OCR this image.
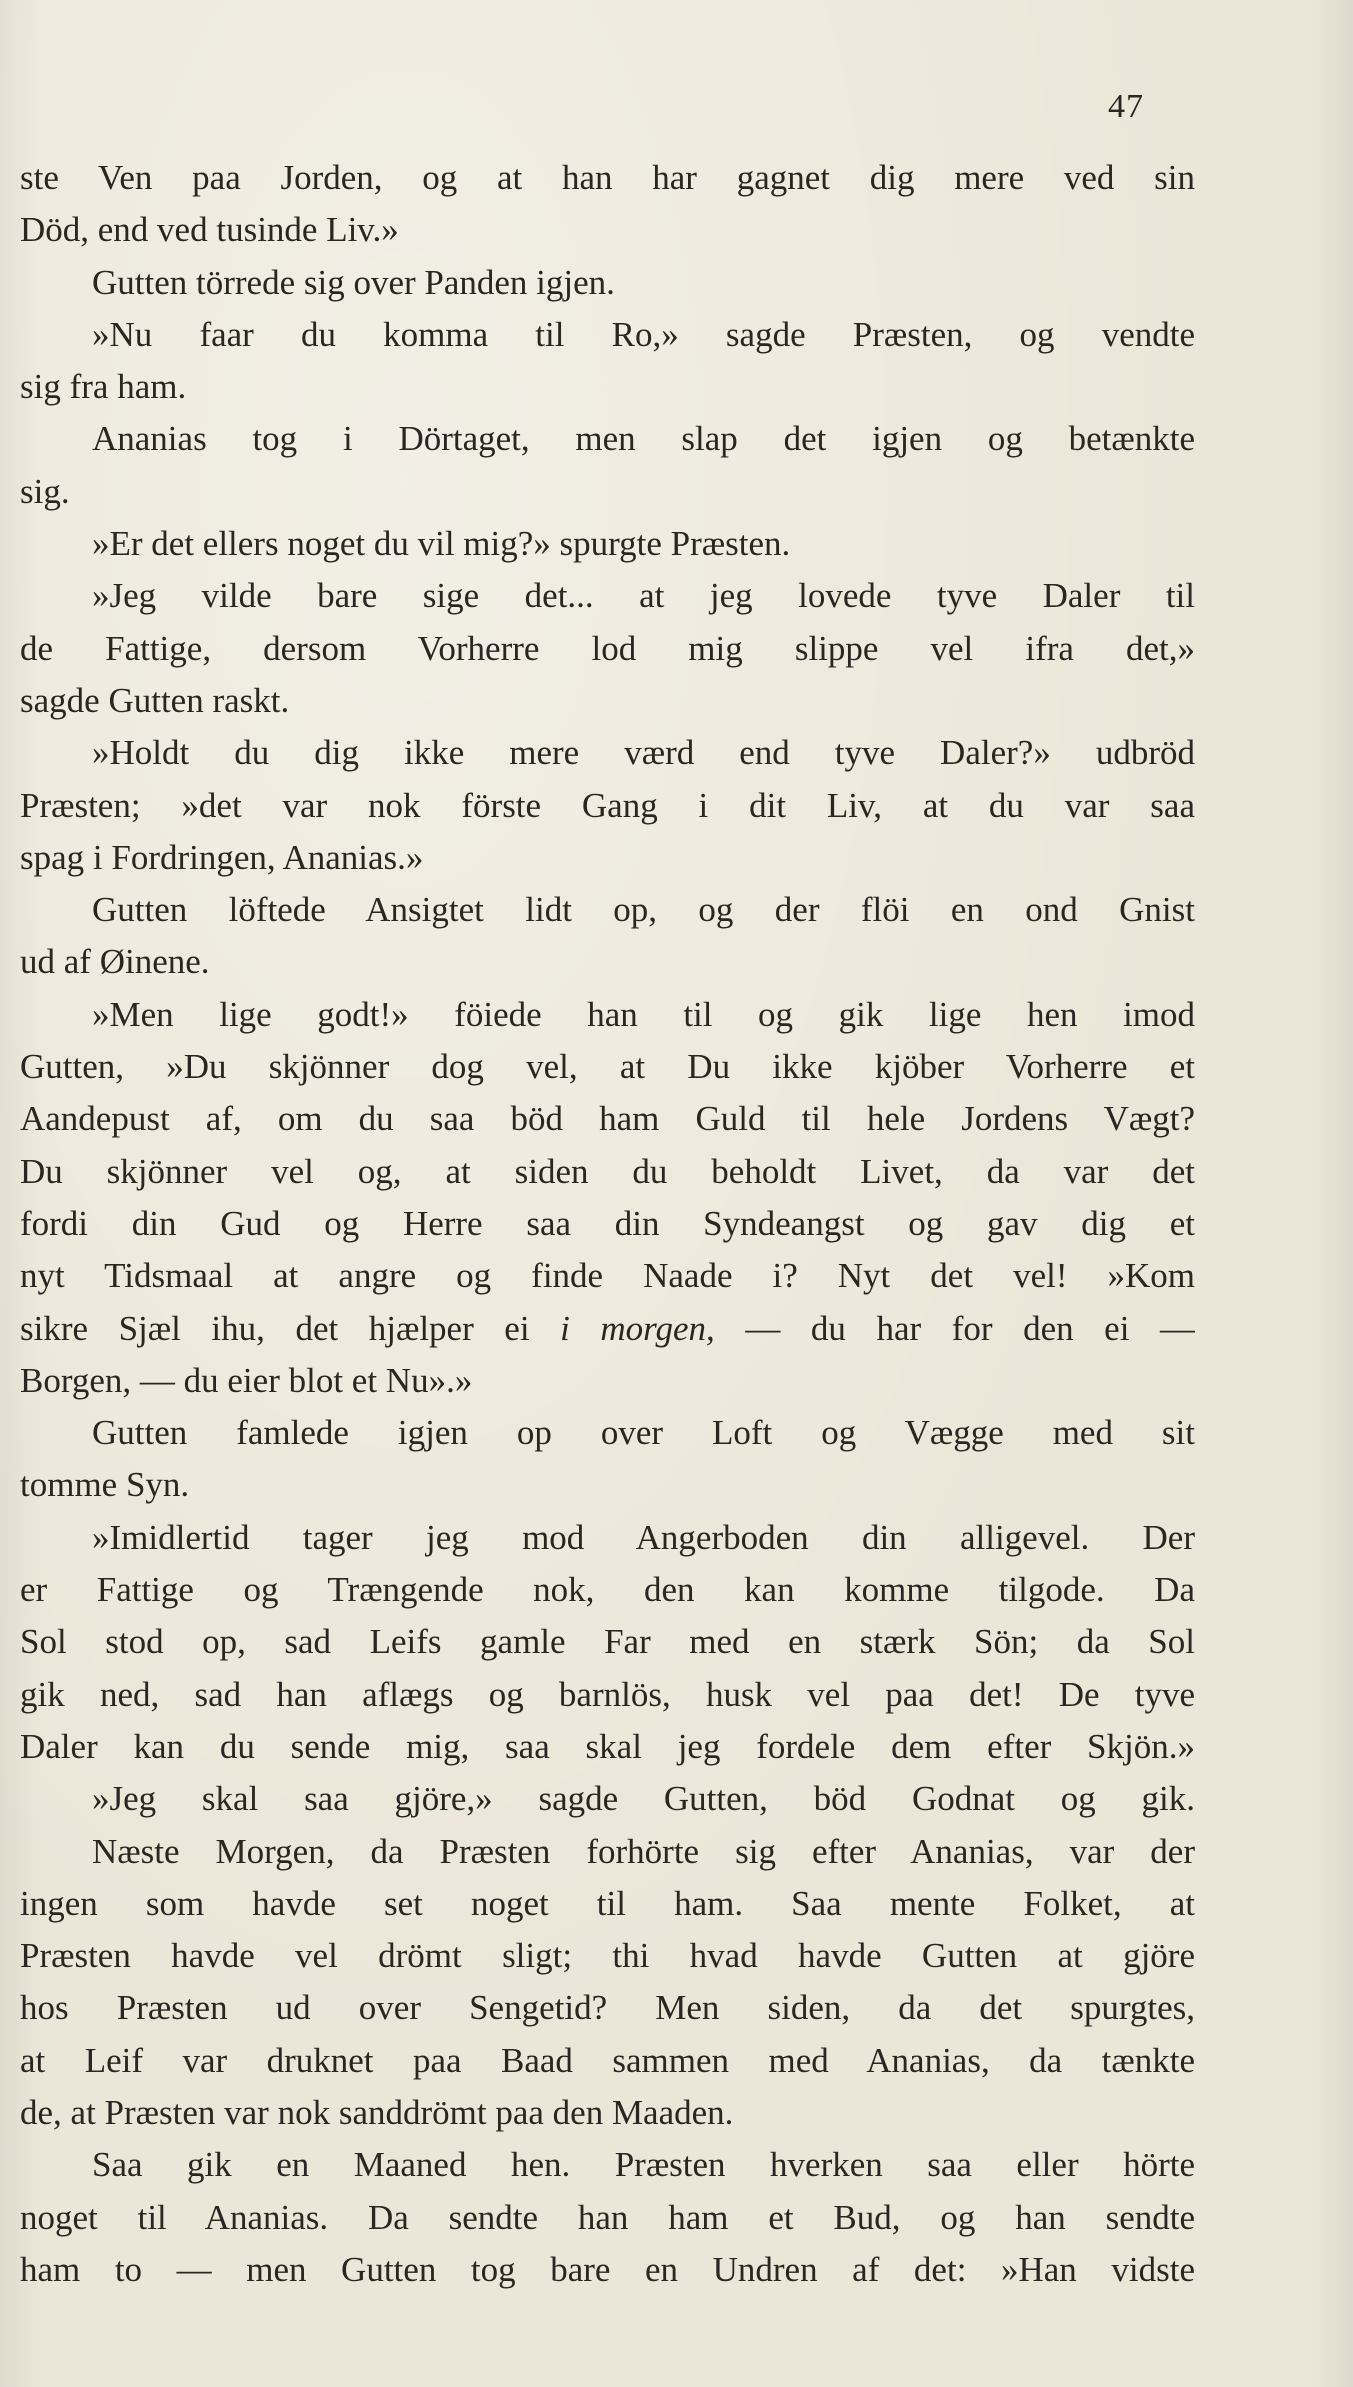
47
ste Ven paa Jorden, og at han har gagnet dig mere ved sin
Död, end ved tusinde Liv.»
Gutten törrede sig over Panden igjen.
»Nu faar du komma til Ro,» sagde Præsten, og vendte
sig fra ham.
Ananias tog i Dörtaget, men slap det igjen og betænkte
sig.
»Er det ellers noget du vil mig?» spurgte Præsten.
»Jeg vilde bare sige det... at jeg lovede tyve Daler til
de Fattige, dersom Vorherre lod mig slippe vel ifra det,»
sagde Gutten raskt.
»Holdt du dig ikke mere værd end tyve Daler?» udbröd
Præsten; »det var nok förste Gang i dit Liv, at du var saa
spag i Fordringen, Ananias.»
Gutten löftede Ansigtet lidt op, og der flöi en ond Gnist
ud af Øinene.
»Men lige godt!» föiede han til og gik lige hen imod
Gutten, »Du skjönner dog vel, at Du ikke kjöber Vorherre et
Aandepust af, om du saa böd ham Guld til hele Jordens Vægt?
Du skjönner vel og, at siden du beholdt Livet, da var det
fordi din Gud og Herre saa din Syndeangst og gav dig et
nyt Tidsmaal at angre og finde Naade i? Nyt det vel! »Kom
sikre Sjæl ihu, det hjælper ei i morgen, — du har for den ei —
Borgen, — du eier blot et Nu».»
Gutten famlede igjen op over Loft og Vægge med sit
tomme Syn.
»Imidlertid tager jeg mod Angerboden din alligevel. Der
er Fattige og Trængende nok, den kan komme tilgode. Da
Sol stod op, sad Leifs gamle Far med en stærk Sön; da Sol
gik ned, sad han aflægs og barnlös, husk vel paa det! De tyve
Daler kan du sende mig, saa skal jeg fordele dem efter Skjön.»
»Jeg skal saa gjöre,» sagde Gutten, böd Godnat og gik.
Næste Morgen, da Præsten forhörte sig efter Ananias, var der
ingen som havde set noget til ham. Saa mente Folket, at
Præsten havde vel drömt sligt; thi hvad havde Gutten at gjöre
hos Præsten ud over Sengetid? Men siden, da det spurgtes,
at Leif var druknet paa Baad sammen med Ananias, da tænkte
de, at Præsten var nok sanddrömt paa den Maaden.
Saa gik en Maaned hen. Præsten hverken saa eller hörte
noget til Ananias. Da sendte han ham et Bud, og han sendte
ham to — men Gutten tog bare en Undren af det: »Han vidste
